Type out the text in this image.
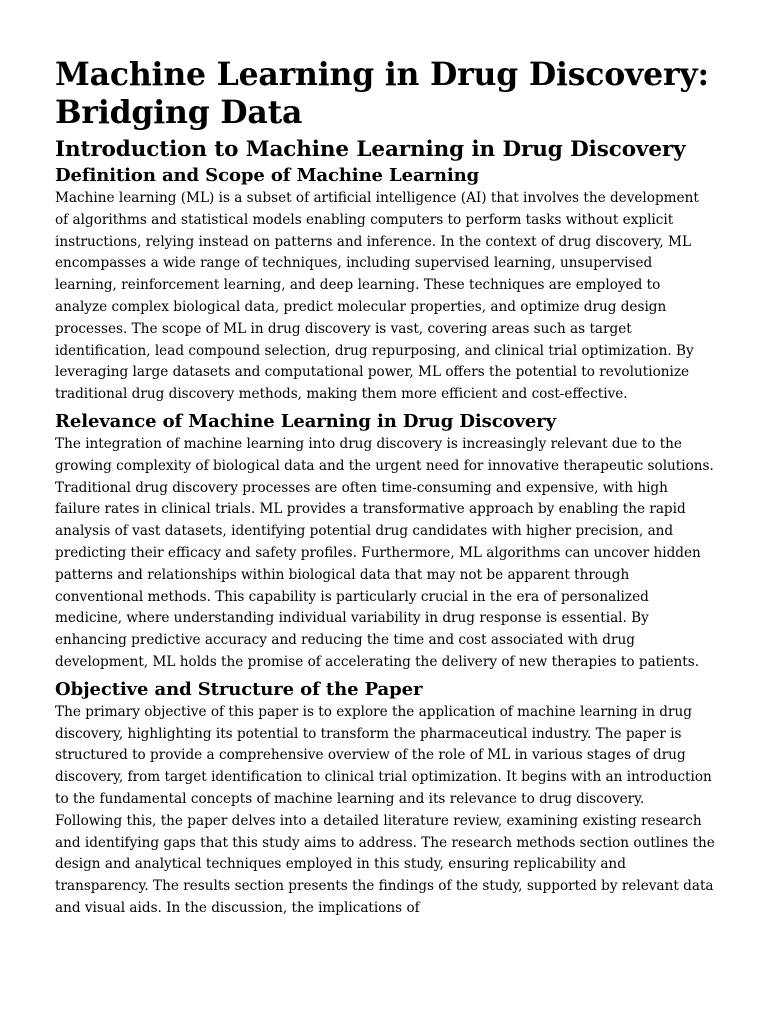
Machine Learning in Drug Discovery: Bridging Data
Introduction to Machine Learning in Drug Discovery
Definition and Scope of Machine Learning

Machine learning (ML) is a subset of artificial intelligence (AI) that involves the development of algorithms and statistical models enabling computers to perform tasks without explicit instructions, relying instead on patterns and inference. In the context of drug discovery, ML encompasses a wide range of techniques, including supervised learning, unsupervised learning, reinforcement learning, and deep learning. These techniques are employed to analyze complex biological data, predict molecular properties, and optimize drug design processes. The scope of ML in drug discovery is vast, covering areas such as target identification, lead compound selection, drug repurposing, and clinical trial optimization. By leveraging large datasets and computational power, ML offers the potential to revolutionize traditional drug discovery methods, making them more efficient and cost-effective.

Relevance of Machine Learning in Drug Discovery

The integration of machine learning into drug discovery is increasingly relevant due to the growing complexity of biological data and the urgent need for innovative therapeutic solutions. Traditional drug discovery processes are often time-consuming and expensive, with high failure rates in clinical trials. ML provides a transformative approach by enabling the rapid analysis of vast datasets, identifying potential drug candidates with higher precision, and predicting their efficacy and safety profiles. Furthermore, ML algorithms can uncover hidden patterns and relationships within biological data that may not be apparent through conventional methods. This capability is particularly crucial in the era of personalized medicine, where understanding individual variability in drug response is essential. By enhancing predictive accuracy and reducing the time and cost associated with drug development, ML holds the promise of accelerating the delivery of new therapies to patients.

Objective and Structure of the Paper

The primary objective of this paper is to explore the application of machine learning in drug discovery, highlighting its potential to transform the pharmaceutical industry. The paper is structured to provide a comprehensive overview of the role of ML in various stages of drug discovery, from target identification to clinical trial optimization. It begins with an introduction to the fundamental concepts of machine learning and its relevance to drug discovery. Following this, the paper delves into a detailed literature review, examining existing research and identifying gaps that this study aims to address. The research methods section outlines the design and analytical techniques employed in this study, ensuring replicability and transparency. The results section presents the findings of the study, supported by relevant data and visual aids. In the discussion, the implications of
